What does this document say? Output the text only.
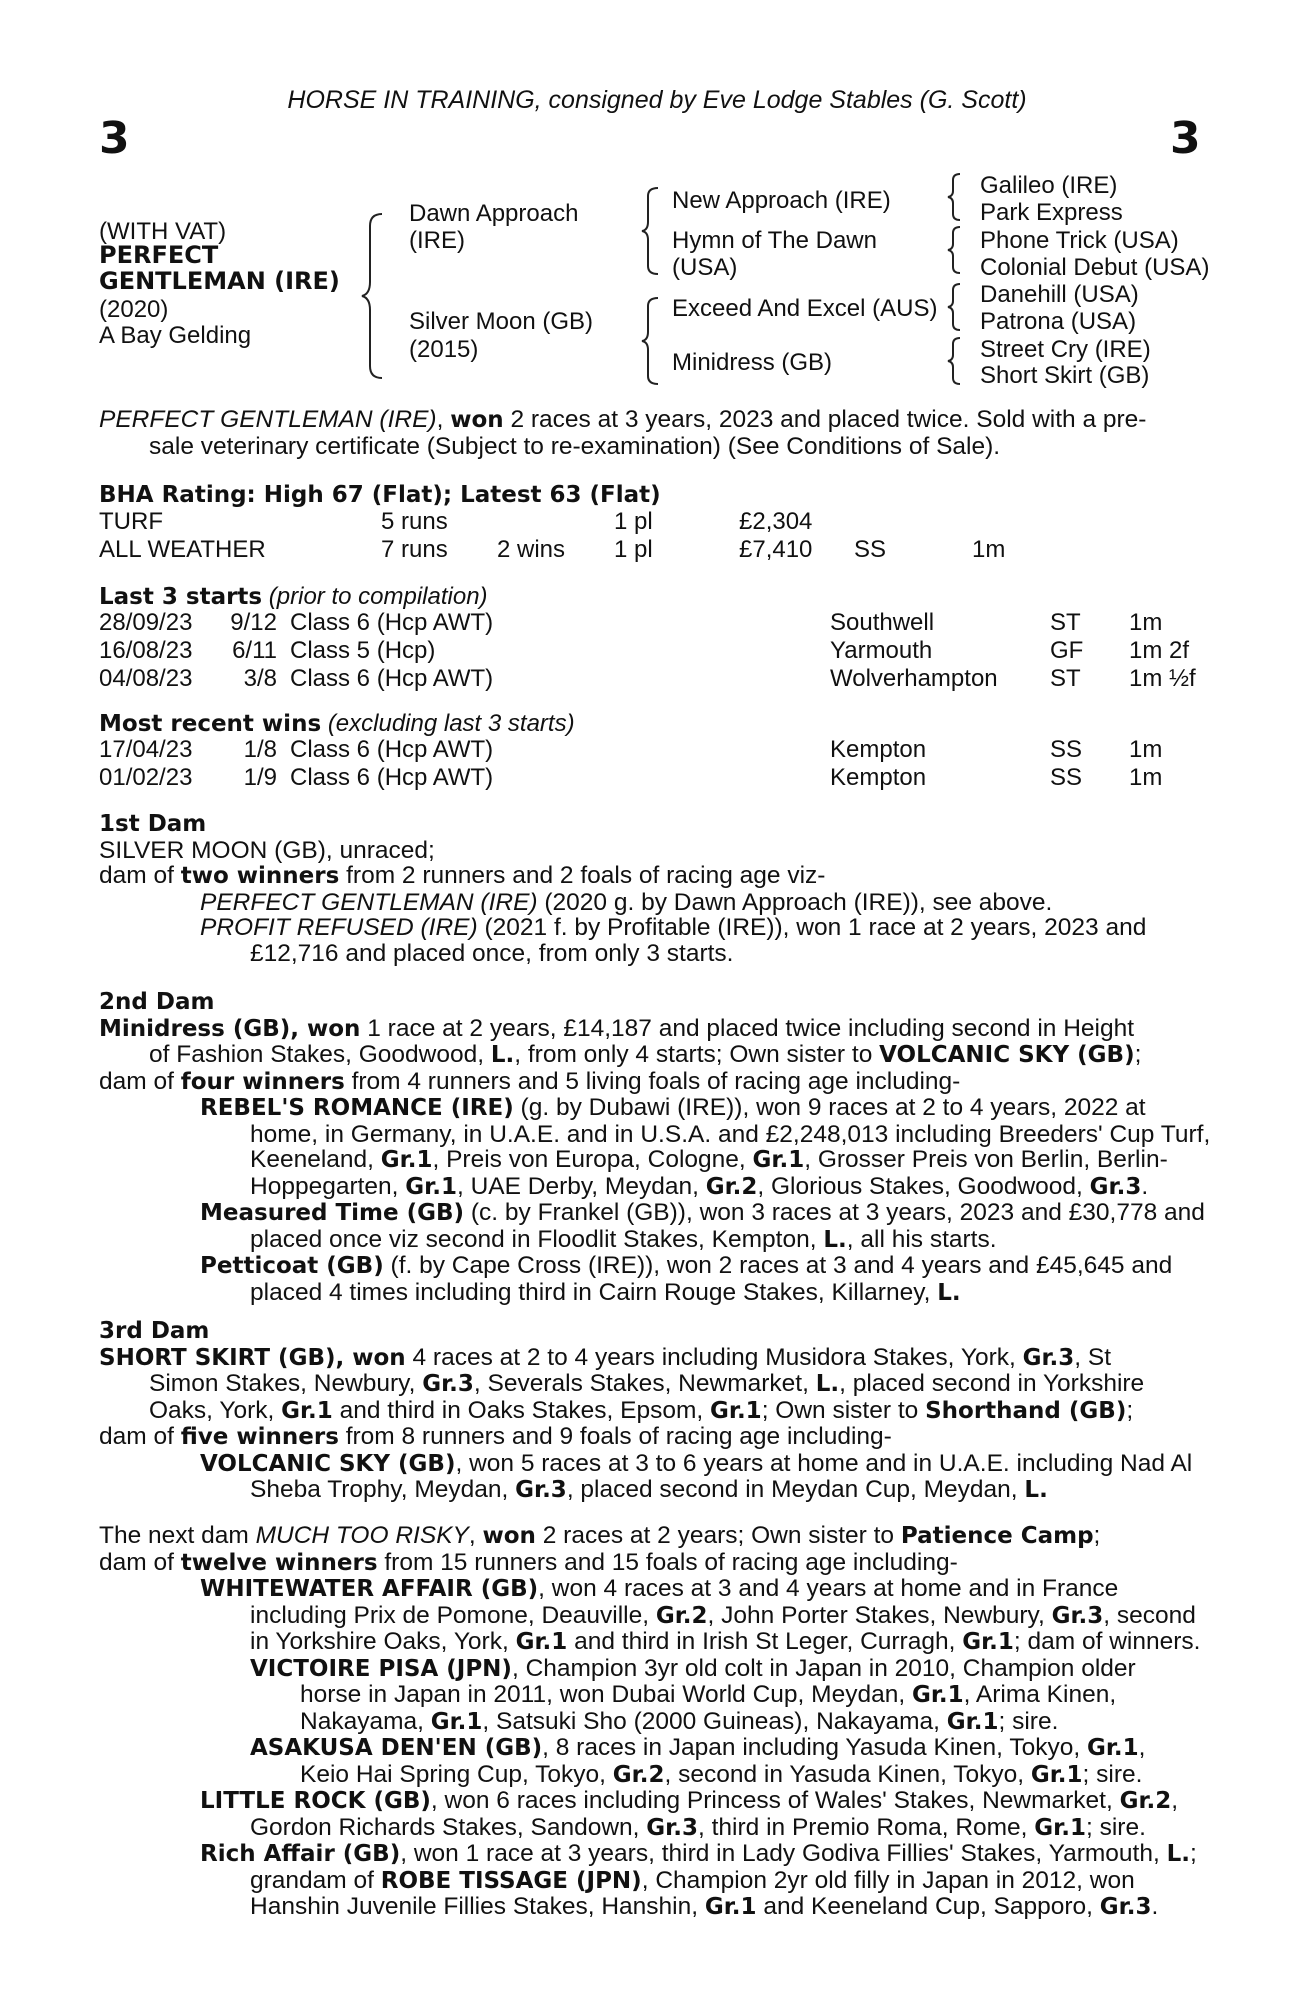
HORSE IN TRAINING, consigned by Eve Lodge Stables (G. Scott)
3	3
(WITH VAT)
PERFECT
GENTLEMAN (IRE)
(2020)
A Bay Gelding
Dawn Approach
(IRE)
Silver Moon (GB)
(2015)
New Approach (IRE)
Hymn of The Dawn
(USA)
Exceed And Excel (AUS)
Minidress (GB)
Galileo (IRE)
Park Express
Phone Trick (USA)
Colonial Debut (USA)
Danehill (USA)
Patrona (USA)
Street Cry (IRE)
Short Skirt (GB)
PERFECT GENTLEMAN (IRE), won 2 races at 3 years, 2023 and placed twice. Sold with a pre-
sale veterinary certificate (Subject to re-examination) (See Conditions of Sale).
BHA Rating: High 67 (Flat); Latest 63 (Flat)
TURF	5 runs		1 pl	£2,304		
ALL WEATHER	7 runs	2 wins	1 pl	£7,410	SS	1m
Last 3 starts (prior to compilation)
28/09/23	9/12	Class 6 (Hcp AWT)	Southwell	ST	1m
16/08/23	6/11	Class 5 (Hcp)	Yarmouth	GF	1m 2f
04/08/23	3/8	Class 6 (Hcp AWT)	Wolverhampton	ST	1m ½f
Most recent wins (excluding last 3 starts)
17/04/23	1/8	Class 6 (Hcp AWT)	Kempton	SS	1m
01/02/23	1/9	Class 6 (Hcp AWT)	Kempton	SS	1m
1st Dam
SILVER MOON (GB), unraced;
dam of two winners from 2 runners and 2 foals of racing age viz-
PERFECT GENTLEMAN (IRE) (2020 g. by Dawn Approach (IRE)), see above.
PROFIT REFUSED (IRE) (2021 f. by Profitable (IRE)), won 1 race at 2 years, 2023 and
£12,716 and placed once, from only 3 starts.
2nd Dam
Minidress (GB), won 1 race at 2 years, £14,187 and placed twice including second in Height
of Fashion Stakes, Goodwood, L., from only 4 starts; Own sister to VOLCANIC SKY (GB);
dam of four winners from 4 runners and 5 living foals of racing age including-
REBEL'S ROMANCE (IRE) (g. by Dubawi (IRE)), won 9 races at 2 to 4 years, 2022 at
home, in Germany, in U.A.E. and in U.S.A. and £2,248,013 including Breeders' Cup Turf,
Keeneland, Gr.1, Preis von Europa, Cologne, Gr.1, Grosser Preis von Berlin, Berlin-
Hoppegarten, Gr.1, UAE Derby, Meydan, Gr.2, Glorious Stakes, Goodwood, Gr.3.
Measured Time (GB) (c. by Frankel (GB)), won 3 races at 3 years, 2023 and £30,778 and
placed once viz second in Floodlit Stakes, Kempton, L., all his starts.
Petticoat (GB) (f. by Cape Cross (IRE)), won 2 races at 3 and 4 years and £45,645 and
placed 4 times including third in Cairn Rouge Stakes, Killarney, L.
3rd Dam
SHORT SKIRT (GB), won 4 races at 2 to 4 years including Musidora Stakes, York, Gr.3, St
Simon Stakes, Newbury, Gr.3, Severals Stakes, Newmarket, L., placed second in Yorkshire
Oaks, York, Gr.1 and third in Oaks Stakes, Epsom, Gr.1; Own sister to Shorthand (GB);
dam of five winners from 8 runners and 9 foals of racing age including-
VOLCANIC SKY (GB), won 5 races at 3 to 6 years at home and in U.A.E. including Nad Al
Sheba Trophy, Meydan, Gr.3, placed second in Meydan Cup, Meydan, L.
The next dam MUCH TOO RISKY, won 2 races at 2 years; Own sister to Patience Camp;
dam of twelve winners from 15 runners and 15 foals of racing age including-
WHITEWATER AFFAIR (GB), won 4 races at 3 and 4 years at home and in France
including Prix de Pomone, Deauville, Gr.2, John Porter Stakes, Newbury, Gr.3, second
in Yorkshire Oaks, York, Gr.1 and third in Irish St Leger, Curragh, Gr.1; dam of winners.
VICTOIRE PISA (JPN), Champion 3yr old colt in Japan in 2010, Champion older
horse in Japan in 2011, won Dubai World Cup, Meydan, Gr.1, Arima Kinen,
Nakayama, Gr.1, Satsuki Sho (2000 Guineas), Nakayama, Gr.1; sire.
ASAKUSA DEN'EN (GB), 8 races in Japan including Yasuda Kinen, Tokyo, Gr.1,
Keio Hai Spring Cup, Tokyo, Gr.2, second in Yasuda Kinen, Tokyo, Gr.1; sire.
LITTLE ROCK (GB), won 6 races including Princess of Wales' Stakes, Newmarket, Gr.2,
Gordon Richards Stakes, Sandown, Gr.3, third in Premio Roma, Rome, Gr.1; sire.
Rich Affair (GB), won 1 race at 3 years, third in Lady Godiva Fillies' Stakes, Yarmouth, L.;
grandam of ROBE TISSAGE (JPN), Champion 2yr old filly in Japan in 2012, won
Hanshin Juvenile Fillies Stakes, Hanshin, Gr.1 and Keeneland Cup, Sapporo, Gr.3.
